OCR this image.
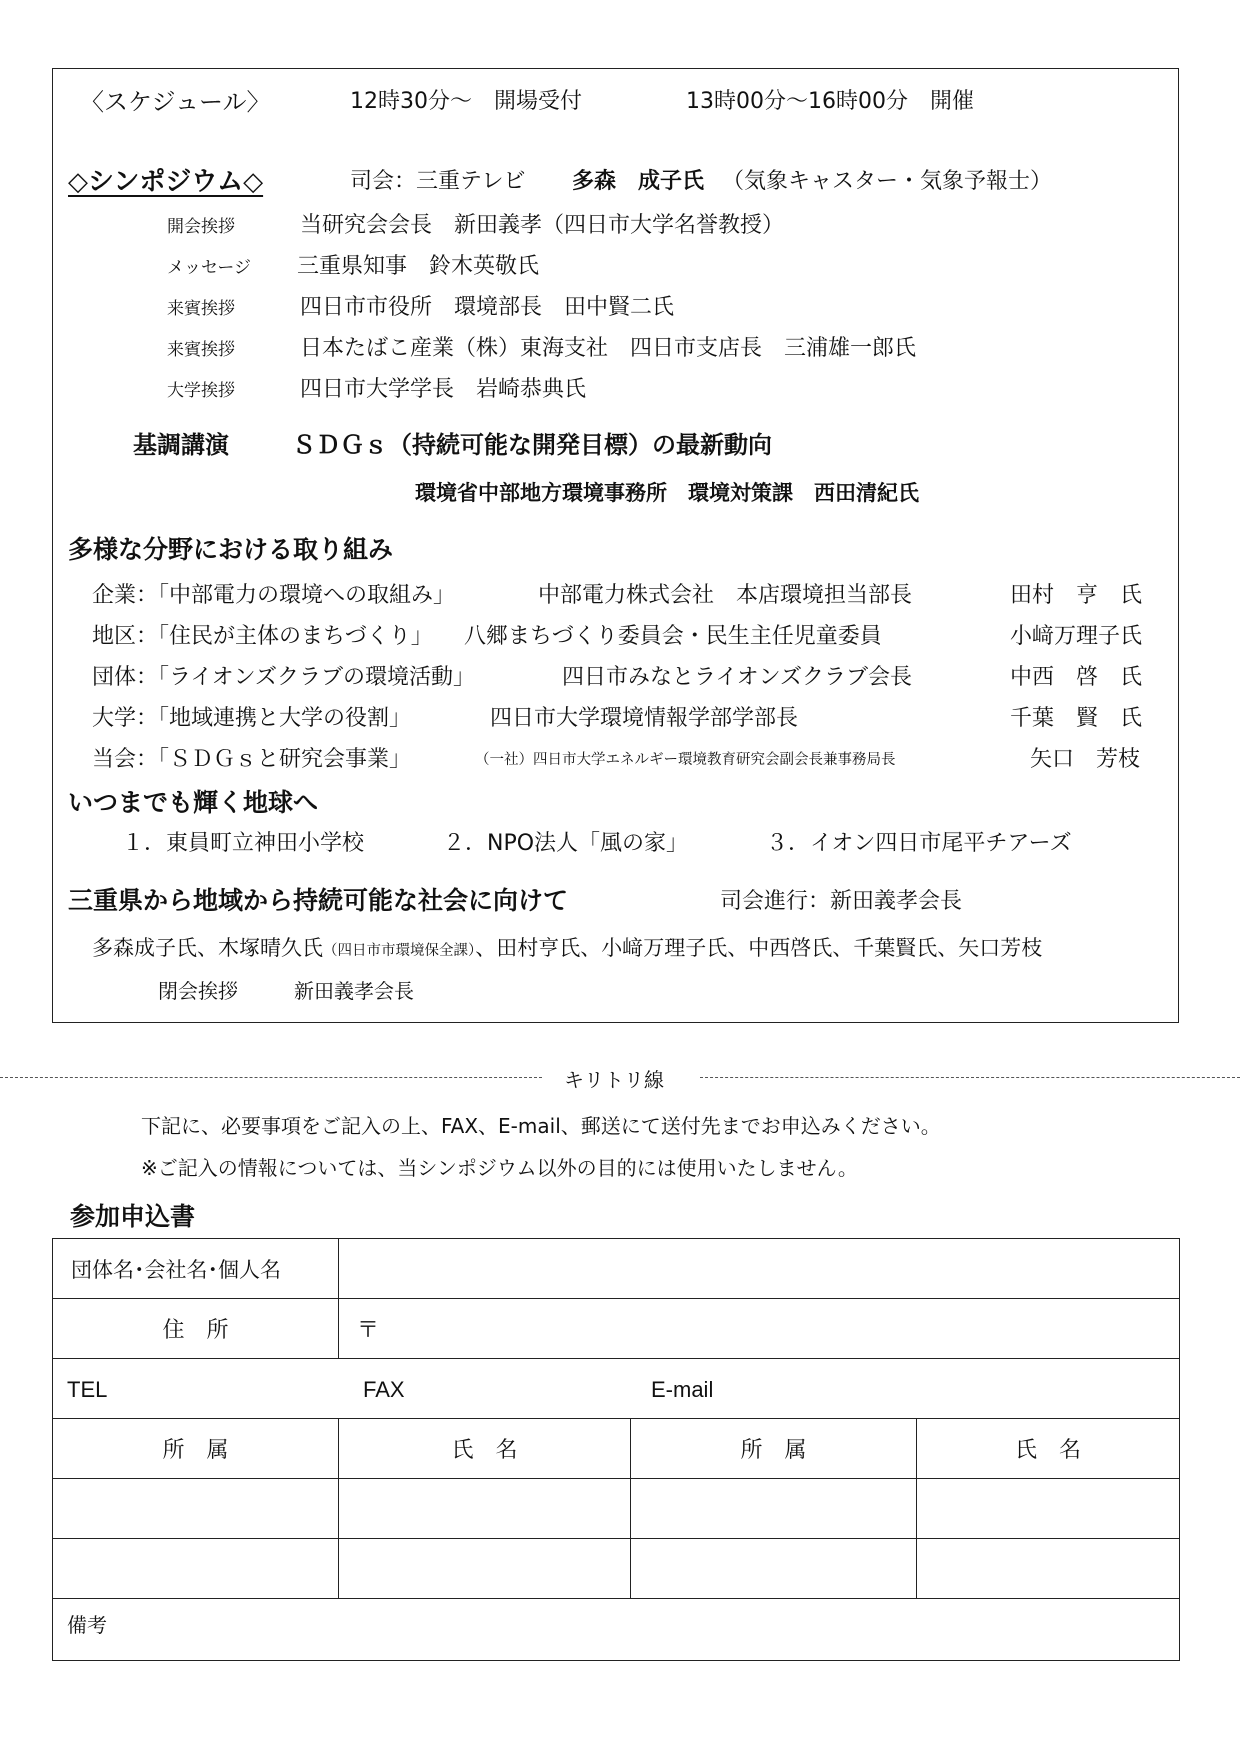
〈スケジュール〉	12時30分～　開場受付	13時00分～16時00分　開催
◇シンポジウム◇	司会：三重テレビ 多森　成子氏 （気象キャスター・気象予報士）
開会挨拶	当研究会会長　新田義孝（四日市大学名誉教授）
メッセージ 三重県知事　鈴木英敬氏
来賓挨拶	四日市市役所　環境部長　田中賢二氏
来賓挨拶	日本たばこ産業（株）東海支社　四日市支店長　三浦雄一郎氏
大学挨拶	四日市大学学長　岩崎恭典氏
基調講演	ＳＤＧｓ（持続可能な開発目標）の最新動向
環境省中部地方環境事務所　環境対策課　西田清紀氏
多様な分野における取り組み
企業：「中部電力の環境への取組み」	中部電力株式会社　本店環境担当部長	田村　亨　氏
地区：「住民が主体のまちづくり」 八郷まちづくり委員会・民生主任児童委員	小﨑万理子氏
団体：「ライオンズクラブの環境活動」	四日市みなとライオンズクラブ会長	中西　啓　氏
大学：「地域連携と大学の役割」	四日市大学環境情報学部学部長	千葉　賢　氏
当会：「ＳＤＧｓと研究会事業」	（一社）四日市大学エネルギー環境教育研究会副会長兼事務局長	矢口　芳枝
いつまでも輝く地球へ
１．東員町立神田小学校	２．NPO法人「風の家」	３．イオン四日市尾平チアーズ
三重県から地域から持続可能な社会に向けて	司会進行：新田義孝会長
多森成子氏、木塚晴久氏（四日市市環境保全課）、田村亨氏、小﨑万理子氏、中西啓氏、千葉賢氏、矢口芳枝
閉会挨拶	新田義孝会長
キリトリ線
下記に、必要事項をご記入の上、FAX、E-mail、郵送にて送付先までお申込みください。
※ご記入の情報については、当シンポジウム以外の目的には使用いたしません。
参加申込書
団体名･会社名･個人名			
住　所	〒		

TEL FAX E-mail			

所　属	氏　名	所　属	氏　名

備考			
